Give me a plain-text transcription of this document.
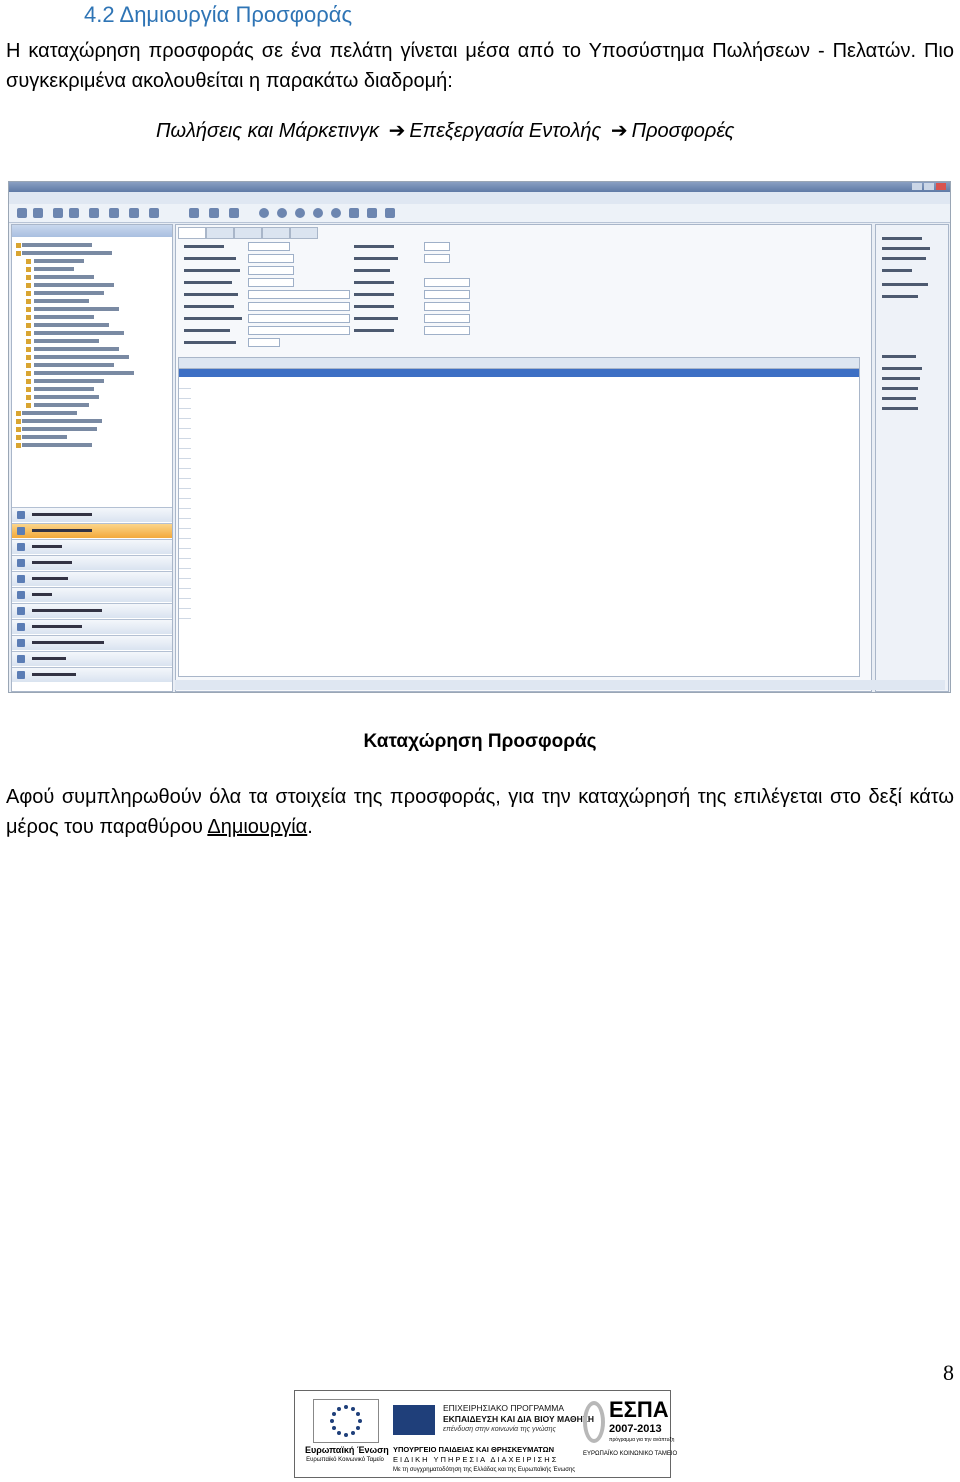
4.2 Δημιουργία Προσφοράς
Η καταχώρηση προσφοράς σε ένα πελάτη γίνεται μέσα από το Υποσύστημα Πωλήσεων - Πελατών. Πιο συγκεκριμένα ακολουθείται η παρακάτω διαδρομή:
Πωλήσεις και Μάρκετινγκ ➔ Επεξεργασία Εντολής ➔ Προσφορές
Καταχώρηση Προσφοράς
Αφού συμπληρωθούν όλα τα στοιχεία της προσφοράς, για την καταχώρησή της επιλέγεται στο δεξί κάτω μέρος του παραθύρου Δημιουργία.
8
Ευρωπαϊκή Ένωση
Ευρωπαϊκό Κοινωνικό Ταμείο
ΕΠΙΧΕΙΡΗΣΙΑΚΟ ΠΡΟΓΡΑΜΜΑ
ΕΚΠΑΙΔΕΥΣΗ ΚΑΙ ΔΙΑ ΒΙΟΥ ΜΑΘΗΣΗ
επένδυση στην κοινωνία της γνώσης
ΥΠΟΥΡΓΕΙΟ ΠΑΙΔΕΙΑΣ ΚΑΙ ΘΡΗΣΚΕΥΜΑΤΩΝ
ΕΙΔΙΚΗ ΥΠΗΡΕΣΙΑ ΔΙΑΧΕΙΡΙΣΗΣ
Με τη συγχρηματοδότηση της Ελλάδας και της Ευρωπαϊκής Ένωσης
ΕΣΠΑ
2007-2013
πρόγραμμα για την ανάπτυξη
ΕΥΡΩΠΑΪΚΟ ΚΟΙΝΩΝΙΚΟ ΤΑΜΕΙΟ
